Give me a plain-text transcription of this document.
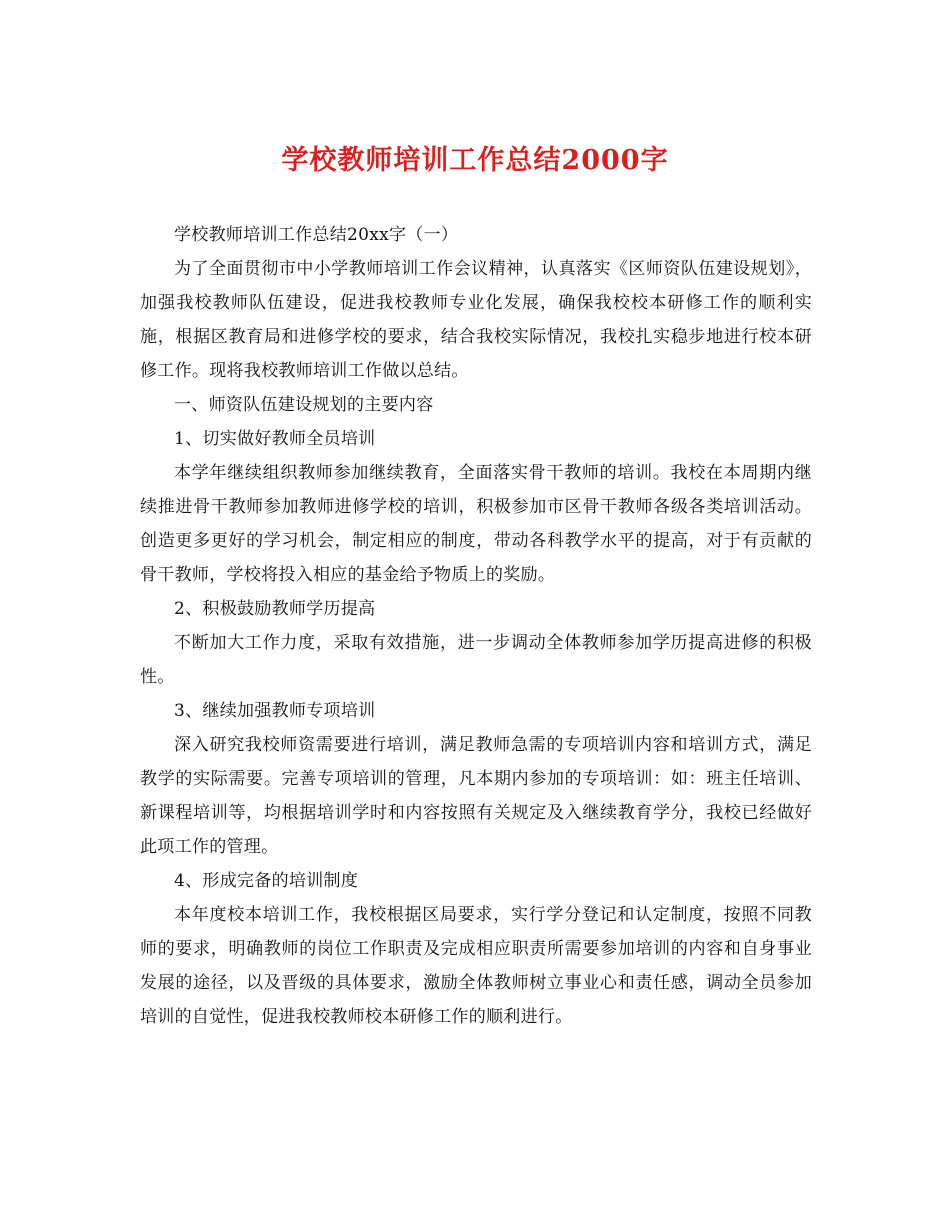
学校教师培训工作总结2000字

学校教师培训工作总结20xx字（一）

为了全面贯彻市中小学教师培训工作会议精神，认真落实《区师资队伍建设规划》，加强我校教师队伍建设，促进我校教师专业化发展，确保我校校本研修工作的顺利实施，根据区教育局和进修学校的要求，结合我校实际情况，我校扎实稳步地进行校本研修工作。现将我校教师培训工作做以总结。

一、师资队伍建设规划的主要内容

1、切实做好教师全员培训

本学年继续组织教师参加继续教育，全面落实骨干教师的培训。我校在本周期内继续推进骨干教师参加教师进修学校的培训，积极参加市区骨干教师各级各类培训活动。创造更多更好的学习机会，制定相应的制度，带动各科教学水平的提高，对于有贡献的骨干教师，学校将投入相应的基金给予物质上的奖励。

2、积极鼓励教师学历提高

不断加大工作力度，采取有效措施，进一步调动全体教师参加学历提高进修的积极性。

3、继续加强教师专项培训

深入研究我校师资需要进行培训，满足教师急需的专项培训内容和培训方式，满足教学的实际需要。完善专项培训的管理，凡本期内参加的专项培训：如：班主任培训、新课程培训等，均根据培训学时和内容按照有关规定及入继续教育学分，我校已经做好此项工作的管理。

4、形成完备的培训制度

本年度校本培训工作，我校根据区局要求，实行学分登记和认定制度，按照不同教师的要求，明确教师的岗位工作职责及完成相应职责所需要参加培训的内容和自身事业发展的途径，以及晋级的具体要求，激励全体教师树立事业心和责任感，调动全员参加培训的自觉性，促进我校教师校本研修工作的顺利进行。
